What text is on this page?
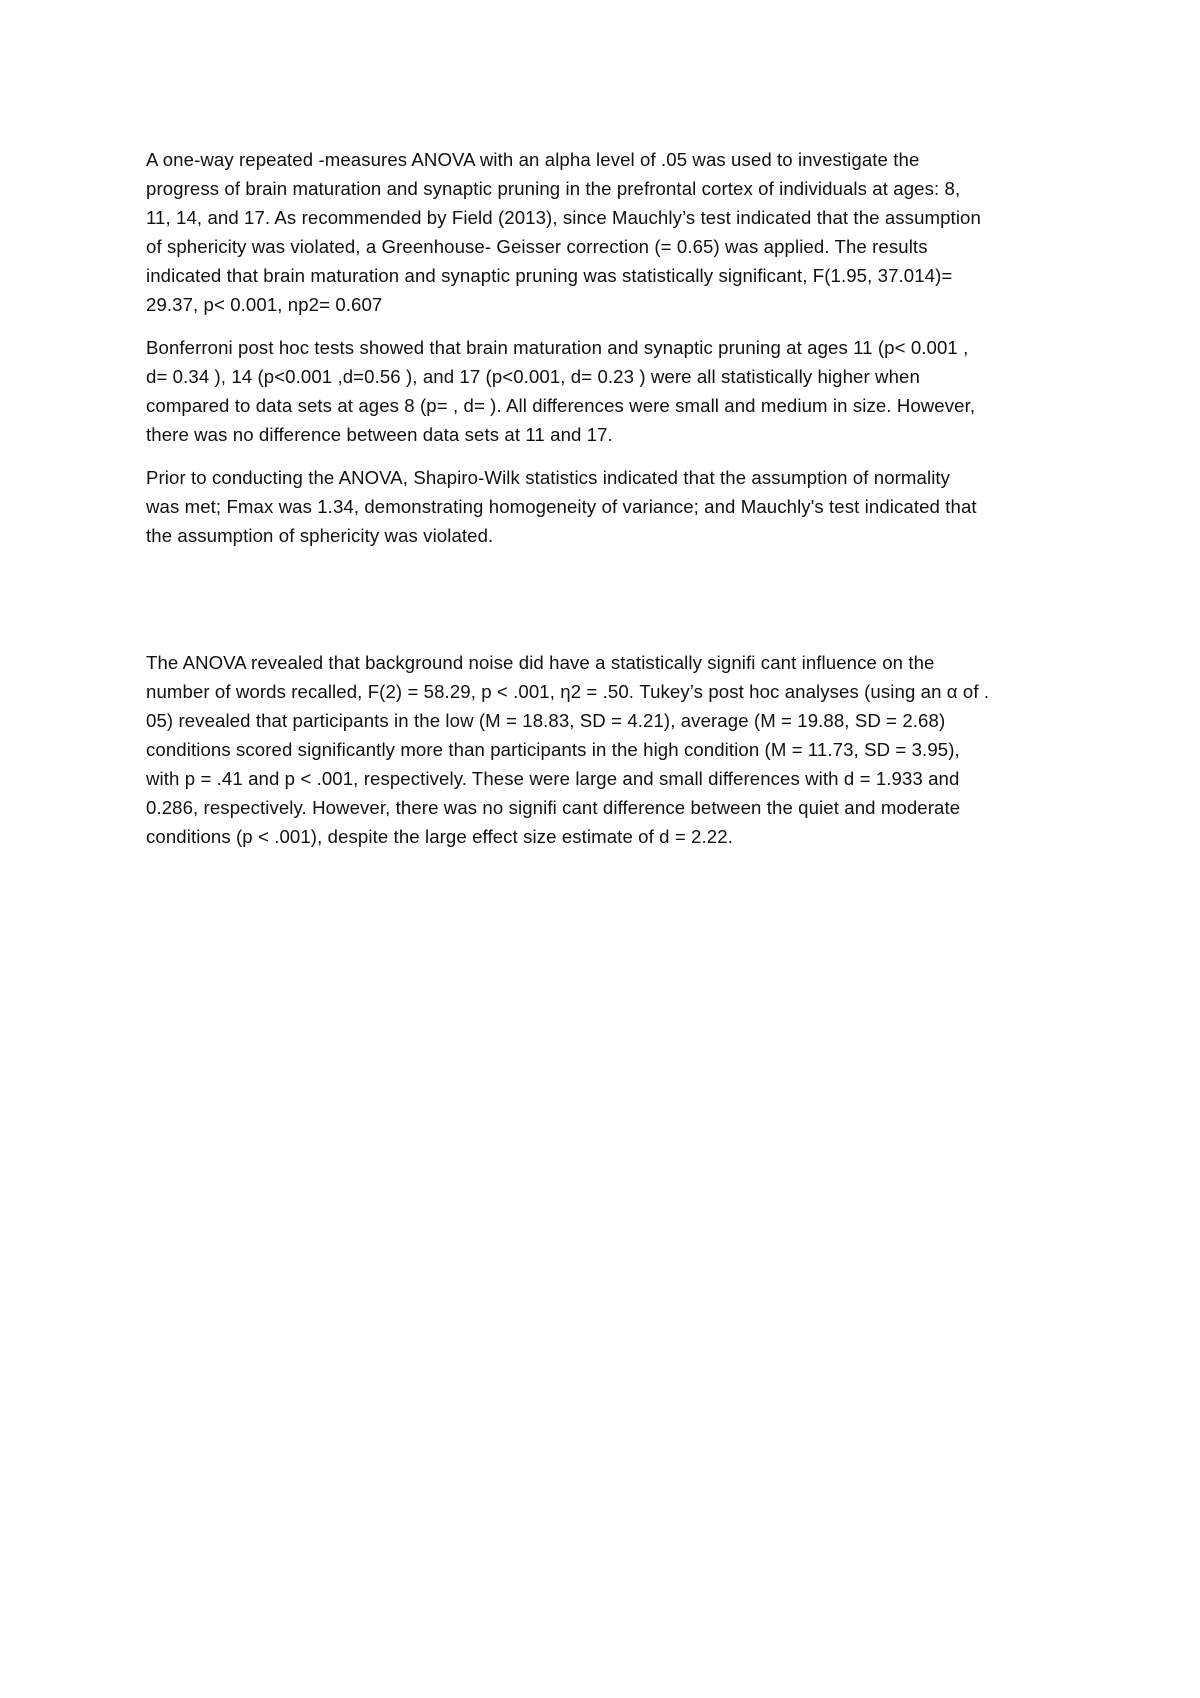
A one-way repeated -measures ANOVA with an alpha level of .05 was used to investigate the
progress of brain maturation and synaptic pruning in the prefrontal cortex of individuals at ages: 8,
11, 14, and 17. As recommended by Field (2013), since Mauchly’s test indicated that the assumption
of sphericity was violated, a Greenhouse- Geisser correction (= 0.65) was applied. The results
indicated that brain maturation and synaptic pruning was statistically significant, F(1.95, 37.014)=
29.37, p< 0.001, np2= 0.607

Bonferroni post hoc tests showed that brain maturation and synaptic pruning at ages 11 (p< 0.001 ,
d= 0.34 ), 14 (p<0.001 ,d=0.56 ), and 17 (p<0.001, d= 0.23 ) were all statistically higher when
compared to data sets at ages 8 (p= , d= ). All differences were small and medium in size. However,
there was no difference between data sets at 11 and 17.

Prior to conducting the ANOVA, Shapiro-Wilk statistics indicated that the assumption of normality
was met; Fmax was 1.34, demonstrating homogeneity of variance; and Mauchly's test indicated that
the assumption of sphericity was violated.

The ANOVA revealed that background noise did have a statistically signifi cant influence on the
number of words recalled, F(2) = 58.29, p < .001, η2 = .50. Tukey’s post hoc analyses (using an α of .
05) revealed that participants in the low (M = 18.83, SD = 4.21), average (M = 19.88, SD = 2.68)
conditions scored significantly more than participants in the high condition (M = 11.73, SD = 3.95),
with p = .41 and p < .001, respectively. These were large and small differences with d = 1.933 and
0.286, respectively. However, there was no signifi cant difference between the quiet and moderate
conditions (p < .001), despite the large effect size estimate of d = 2.22.
